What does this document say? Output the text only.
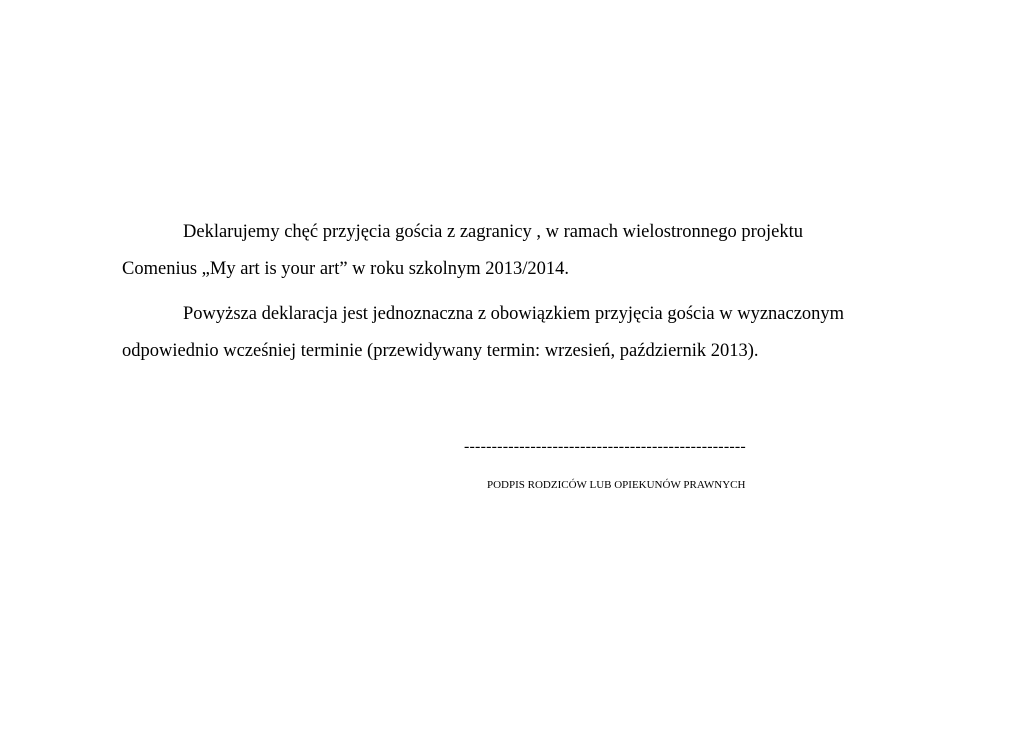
Deklarujemy chęć przyjęcia gościa z zagranicy , w ramach wielostronnego projektu
Comenius „My art is your art” w roku szkolnym 2013/2014.
Powyższa deklaracja jest jednoznaczna z obowiązkiem przyjęcia gościa w wyznaczonym
odpowiednio wcześniej terminie (przewidywany termin: wrzesień, październik 2013).
---------------------------------------------------
PODPIS RODZICÓW LUB OPIEKUNÓW PRAWNYCH
